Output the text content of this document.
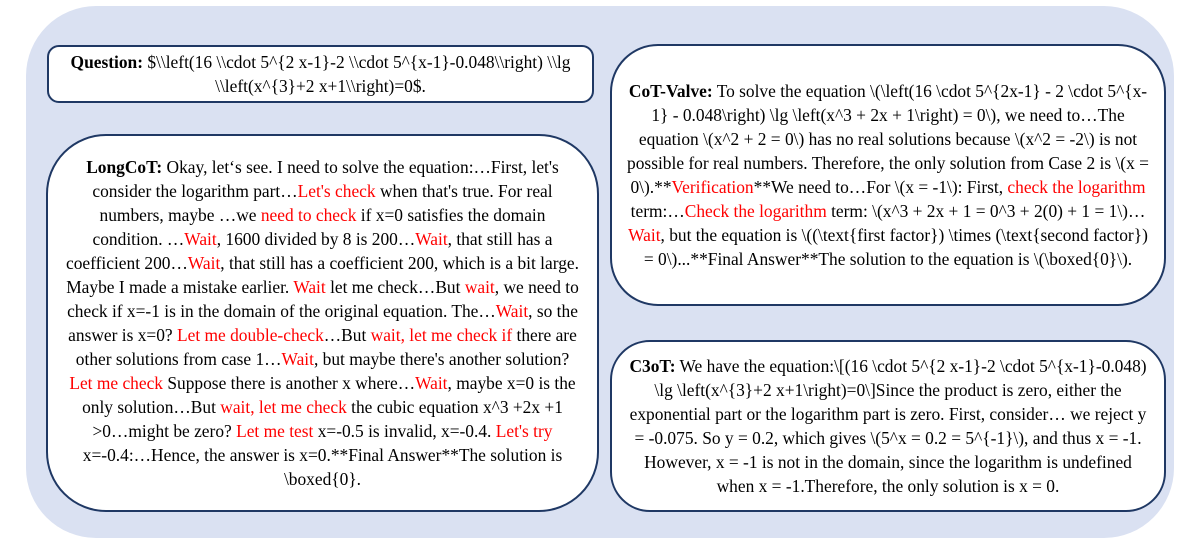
Question: $\\left(16 \\cdot 5^{2 x-1}-2 \\cdot 5^{x-1}-0.048\\right) \\lg \\left(x^{3}+2 x+1\\right)=0$.
LongCoT: Okay, let‘s see. I need to solve the equation:…First, let's consider the logarithm part…Let's check when that's true. For real numbers, maybe …we need to check if x=0 satisfies the domain condition. …Wait, 1600 divided by 8 is 200…Wait, that still has a coefficient 200…Wait, that still has a coefficient 200, which is a bit large. Maybe I made a mistake earlier. Wait let me check…But wait, we need to check if x=-1 is in the domain of the original equation. The…Wait, so the answer is x=0? Let me double-check…But wait, let me check if there are other solutions from case 1…Wait, but maybe there's another solution? Let me check Suppose there is another x where…Wait, maybe x=0 is the only solution…But wait, let me check the cubic equation x^3 +2x +1 >0…might be zero? Let me test x=-0.5 is invalid, x=-0.4. Let's try x=-0.4:…Hence, the answer is x=0.**Final Answer**The solution is \boxed{0}.
CoT-Valve: To solve the equation \(\left(16 \cdot 5^{2x-1} - 2 \cdot 5^{x-1} - 0.048\right) \lg \left(x^3 + 2x + 1\right) = 0\), we need to…The equation \(x^2 + 2 = 0\) has no real solutions because \(x^2 = -2\) is not possible for real numbers. Therefore, the only solution from Case 2 is \(x = 0\).**Verification**We need to…For \(x = -1\): First, check the logarithm term:…Check the logarithm term: \(x^3 + 2x + 1 = 0^3 + 2(0) + 1 = 1\)…Wait, but the equation is \((\text{first factor}) \times (\text{second factor}) = 0\)...**Final Answer**The solution to the equation is \(\boxed{0}\).
C3oT: We have the equation:\[(16 \cdot 5^{2 x-1}-2 \cdot 5^{x-1}-0.048) \lg \left(x^{3}+2 x+1\right)=0\]Since the product is zero, either the exponential part or the logarithm part is zero. First, consider… we reject y = -0.075. So y = 0.2, which gives \(5^x = 0.2 = 5^{-1}\), and thus x = -1. However, x = -1 is not in the domain, since the logarithm is undefined when x = -1.Therefore, the only solution is x = 0.
